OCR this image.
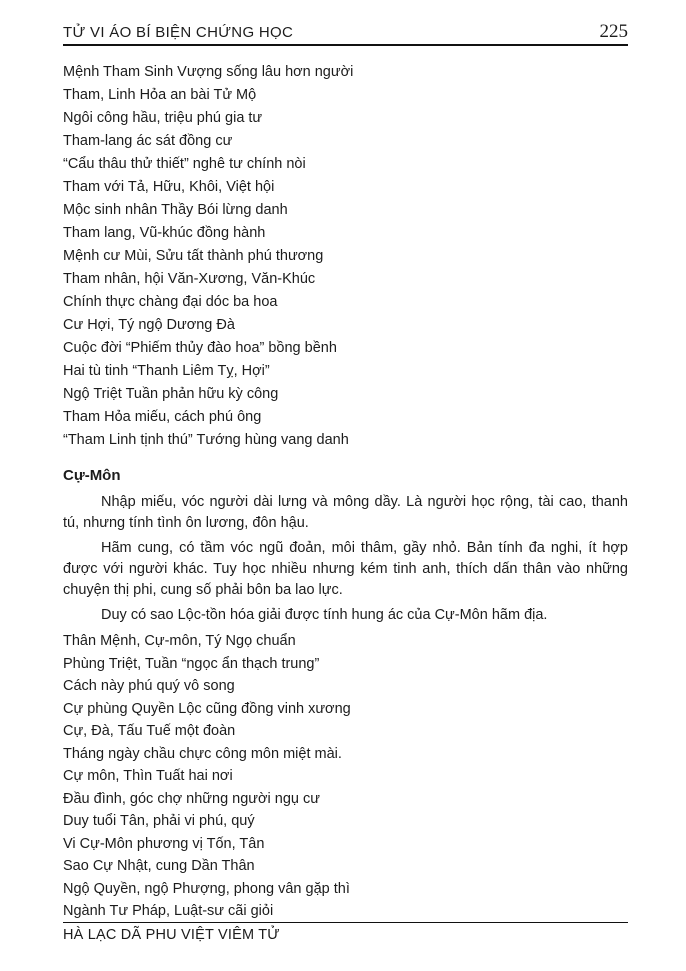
TỬ VI ÁO BÍ BIỆN CHỨNG HỌC	225
Mệnh Tham Sinh Vượng sống lâu hơn người
Tham, Linh Hỏa an bài Tử Mộ
Ngôi công hầu, triệu phú gia tư
Tham-lang ác sát đồng cư
“Cẩu thâu thử thiết” nghê tư chính nòi
Tham với Tả, Hữu, Khôi, Việt hội
Mộc sinh nhân Thầy Bói lừng danh
Tham lang, Vũ-khúc đồng hành
Mệnh cư Mùi, Sửu tất thành phú thương
Tham nhân, hội Văn-Xương, Văn-Khúc
Chính thực chàng đại dóc ba hoa
Cư Hợi, Tý ngộ Dương Đà
Cuộc đời “Phiếm thủy đào hoa” bồng bềnh
Hai tù tinh “Thanh Liêm Tỵ, Hợi”
Ngộ Triệt Tuần phản hữu kỳ công
Tham Hỏa miếu, cách phú ông
“Tham Linh tịnh thú” Tướng hùng vang danh
Cự-Môn

Nhập miếu, vóc người dài lưng và mông dầy. Là người học rộng, tài cao, thanh tú, nhưng tính tình ôn lương, đôn hậu.

Hãm cung, có tầm vóc ngũ đoản, môi thâm, gầy nhỏ. Bản tính đa nghi, ít hợp được với người khác. Tuy học nhiều nhưng kém tinh anh, thích dấn thân vào những chuyện thị phi, cung số phải bôn ba lao lực.

Duy có sao Lộc-tồn hóa giải được tính hung ác của Cự-Môn hãm địa.

Thân Mệnh, Cự-môn, Tý Ngọ chuẩn
Phùng Triệt, Tuần “ngọc ẩn thạch trung”
Cách này phú quý vô song
Cự phùng Quyền Lộc cũng đồng vinh xương
Cự, Đà, Tấu Tuế một đoàn
Tháng ngày chầu chực công môn miệt mài.
Cự môn, Thìn Tuất hai nơi
Đầu đình, góc chợ những người ngụ cư
Duy tuổi Tân, phải vi phú, quý
Vi Cự-Môn phương vị Tốn, Tân
Sao Cự Nhật, cung Dần Thân
Ngộ Quyền, ngộ Phượng, phong vân gặp thì
Ngành Tư Pháp, Luật-sư cãi giỏi
HÀ LẠC DÃ PHU VIỆT VIÊM TỬ
